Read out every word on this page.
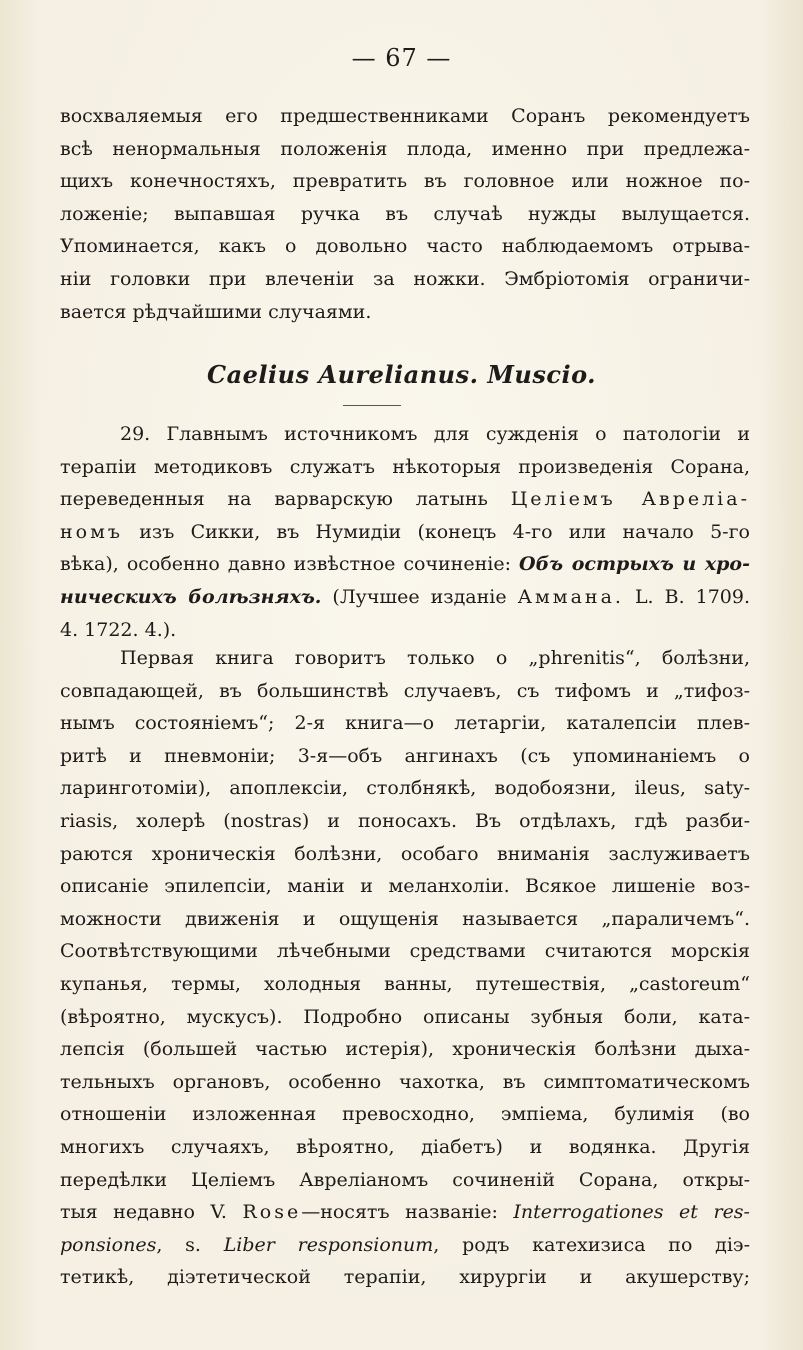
— 67 —
восхваляемыя его предшественниками Соранъ рекомендуетъ
всѣ ненормальныя положенія плода, именно при предлежа-
щихъ конечностяхъ, превратить въ головное или ножное по-
ложеніе; выпавшая ручка въ случаѣ нужды вылущается.
Упоминается, какъ о довольно часто наблюдаемомъ отрыва-
ніи головки при влеченіи за ножки. Эмбріотомія ограничи-
вается рѣдчайшими случаями.
Caelius Aurelianus. Muscio.
29. Главнымъ источникомъ для сужденія о патологіи и
терапіи методиковъ служатъ нѣкоторыя произведенія Сорана,
переведенныя на варварскую латынь Целіемъ Авреліа-
номъ изъ Сикки, въ Нумидіи (конецъ 4-го или начало 5-го
вѣка), особенно давно извѣстное сочиненіе: Объ острыхъ и хро-
ническихъ болѣзняхъ. (Лучшее изданіе Аммана. L. B. 1709.
4. 1722. 4.).
Первая книга говоритъ только о „phrenitis“, болѣзни,
совпадающей, въ большинствѣ случаевъ, съ тифомъ и „тифоз-
нымъ состояніемъ“; 2-я книга—о летаргіи, каталепсіи плев-
ритѣ и пневмоніи; 3-я—объ ангинахъ (съ упоминаніемъ о
ларинготоміи), апоплексіи, столбнякѣ, водобоязни, ileus, saty-
riasis, холерѣ (nostras) и поносахъ. Въ отдѣлахъ, гдѣ разби-
раются хроническія болѣзни, особаго вниманія заслуживаетъ
описаніе эпилепсіи, маніи и меланхоліи. Всякое лишеніе воз-
можности движенія и ощущенія называется „параличемъ“.
Соотвѣтствующими лѣчебными средствами считаются морскія
купанья, термы, холодныя ванны, путешествія, „castoreum“
(вѣроятно, мускусъ). Подробно описаны зубныя боли, ката-
лепсія (большей частью истерія), хроническія болѣзни дыха-
тельныхъ органовъ, особенно чахотка, въ симптоматическомъ
отношеніи изложенная превосходно, эмпіема, булимія (во
многихъ случаяхъ, вѣроятно, діабетъ) и водянка. Другія
передѣлки Целіемъ Авреліаномъ сочиненій Сорана, откры-
тыя недавно V. Rose—носятъ названіе: Interrogationes et res-
ponsiones, s. Liber responsionum, родъ катехизиса по діэ-
тетикѣ, діэтетической терапіи, хирургіи и акушерству;
